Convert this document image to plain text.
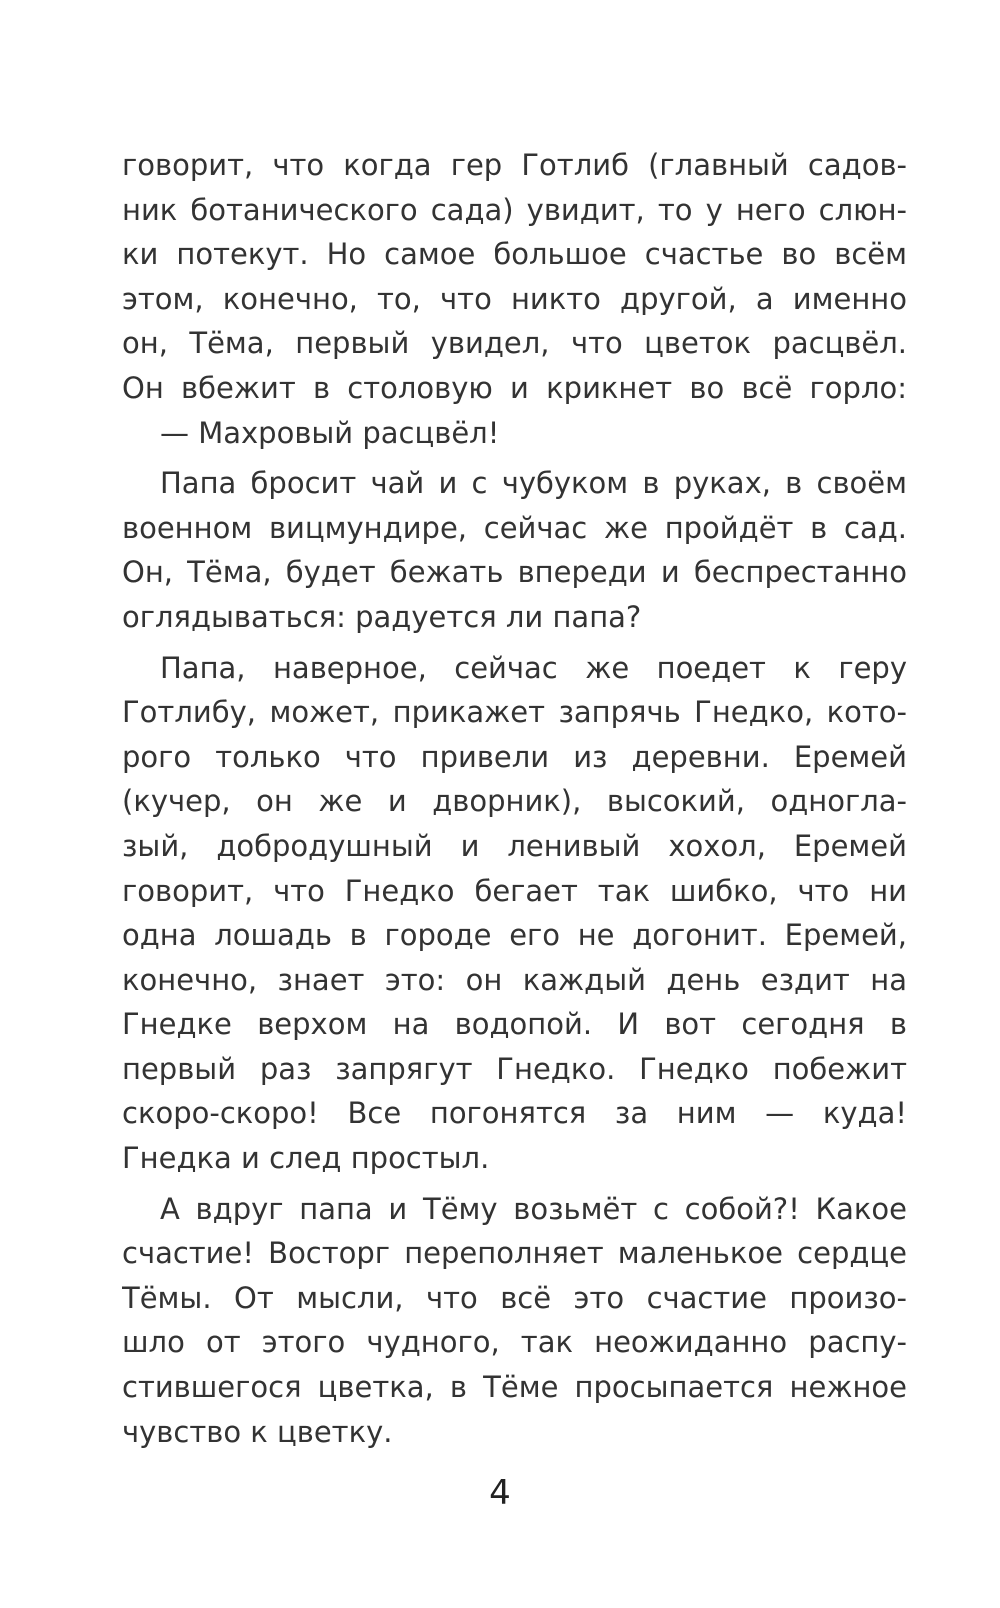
говорит, что когда гер Готлиб (главный садов-
ник ботанического сада) увидит, то у него слюн-
ки потекут. Но самое большое счастье во всём
этом, конечно, то, что никто другой, а именно
он, Тёма, первый увидел, что цветок расцвёл.
Он вбежит в столовую и крикнет во всё горло:
— Махровый расцвёл!
Папа бросит чай и с чубуком в руках, в своём
военном вицмундире, сейчас же пройдёт в сад.
Он, Тёма, будет бежать впереди и беспрестанно
оглядываться: радуется ли папа?
Папа, наверное, сейчас же поедет к геру
Готлибу, может, прикажет запрячь Гнедко, кото-
рого только что привели из деревни. Еремей
(кучер, он же и дворник), высокий, одногла-
зый, добродушный и ленивый хохол, Еремей
говорит, что Гнедко бегает так шибко, что ни
одна лошадь в городе его не догонит. Еремей,
конечно, знает это: он каждый день ездит на
Гнедке верхом на водопой. И вот сегодня в
первый раз запрягут Гнедко. Гнедко побежит
скоро-скоро! Все погонятся за ним — куда!
Гнедка и след простыл.
А вдруг папа и Тёму возьмёт с собой?! Какое
счастие! Восторг переполняет маленькое сердце
Тёмы. От мысли, что всё это счастие произо-
шло от этого чудного, так неожиданно распу-
стившегося цветка, в Тёме просыпается нежное
чувство к цветку.
4
